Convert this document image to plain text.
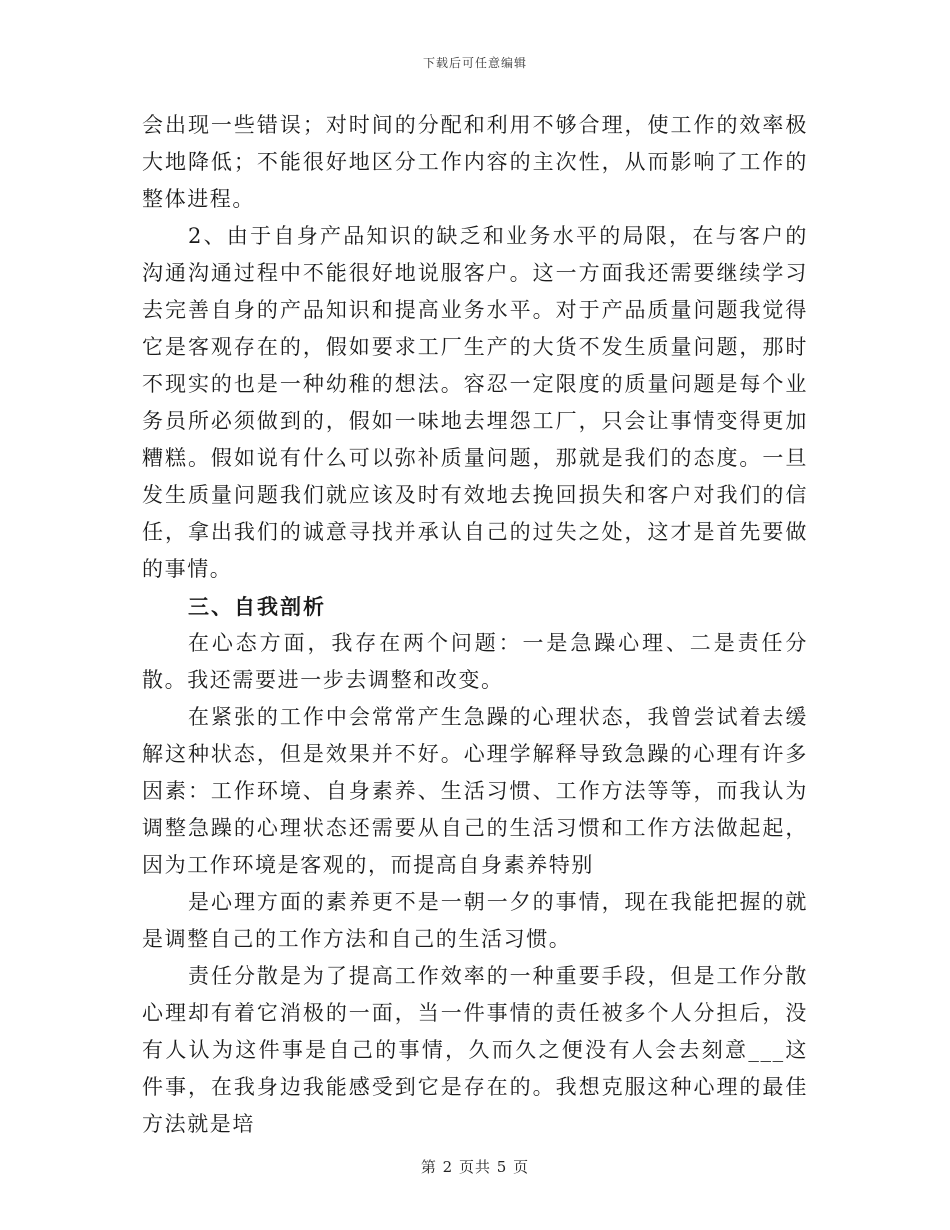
下载后可任意编辑

会出现一些错误；对时间的分配和利用不够合理，使工作的效率极大地降低；不能很好地区分工作内容的主次性，从而影响了工作的整体进程。

2、由于自身产品知识的缺乏和业务水平的局限，在与客户的沟通沟通过程中不能很好地说服客户。这一方面我还需要继续学习去完善自身的产品知识和提高业务水平。对于产品质量问题我觉得它是客观存在的，假如要求工厂生产的大货不发生质量问题，那时不现实的也是一种幼稚的想法。容忍一定限度的质量问题是每个业务员所必须做到的，假如一味地去埋怨工厂，只会让事情变得更加糟糕。假如说有什么可以弥补质量问题，那就是我们的态度。一旦发生质量问题我们就应该及时有效地去挽回损失和客户对我们的信任，拿出我们的诚意寻找并承认自己的过失之处，这才是首先要做的事情。

三、自我剖析

在心态方面，我存在两个问题：一是急躁心理、二是责任分散。我还需要进一步去调整和改变。

在紧张的工作中会常常产生急躁的心理状态，我曾尝试着去缓解这种状态，但是效果并不好。心理学解释导致急躁的心理有许多因素：工作环境、自身素养、生活习惯、工作方法等等，而我认为调整急躁的心理状态还需要从自己的生活习惯和工作方法做起起，因为工作环境是客观的，而提高自身素养特别

是心理方面的素养更不是一朝一夕的事情，现在我能把握的就是调整自己的工作方法和自己的生活习惯。

责任分散是为了提高工作效率的一种重要手段，但是工作分散心理却有着它消极的一面，当一件事情的责任被多个人分担后，没有人认为这件事是自己的事情，久而久之便没有人会去刻意___这件事，在我身边我能感受到它是存在的。我想克服这种心理的最佳方法就是培

第 2 页共 5 页
